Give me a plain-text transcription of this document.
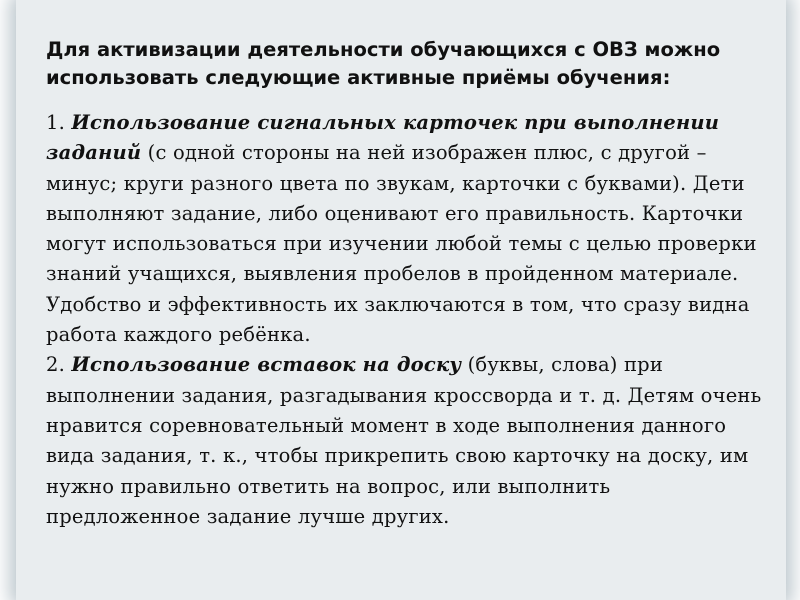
Для активизации деятельности обучающихся с ОВЗ можно использовать следующие активные приёмы обучения:

1. Использование сигнальных карточек при выполнении заданий (с одной стороны на ней изображен плюс, с другой – минус; круги разного цвета по звукам, карточки с буквами). Дети выполняют задание, либо оценивают его правильность. Карточки могут использоваться при изучении любой темы с целью проверки знаний учащихся, выявления пробелов в пройденном материале. Удобство и эффективность их заключаются в том, что сразу видна работа каждого ребёнка.
2. Использование вставок на доску (буквы, слова) при выполнении задания, разгадывания кроссворда и т. д. Детям очень нравится соревновательный момент в ходе выполнения данного вида задания, т. к., чтобы прикрепить свою карточку на доску, им нужно правильно ответить на вопрос, или выполнить предложенное задание лучше других.
